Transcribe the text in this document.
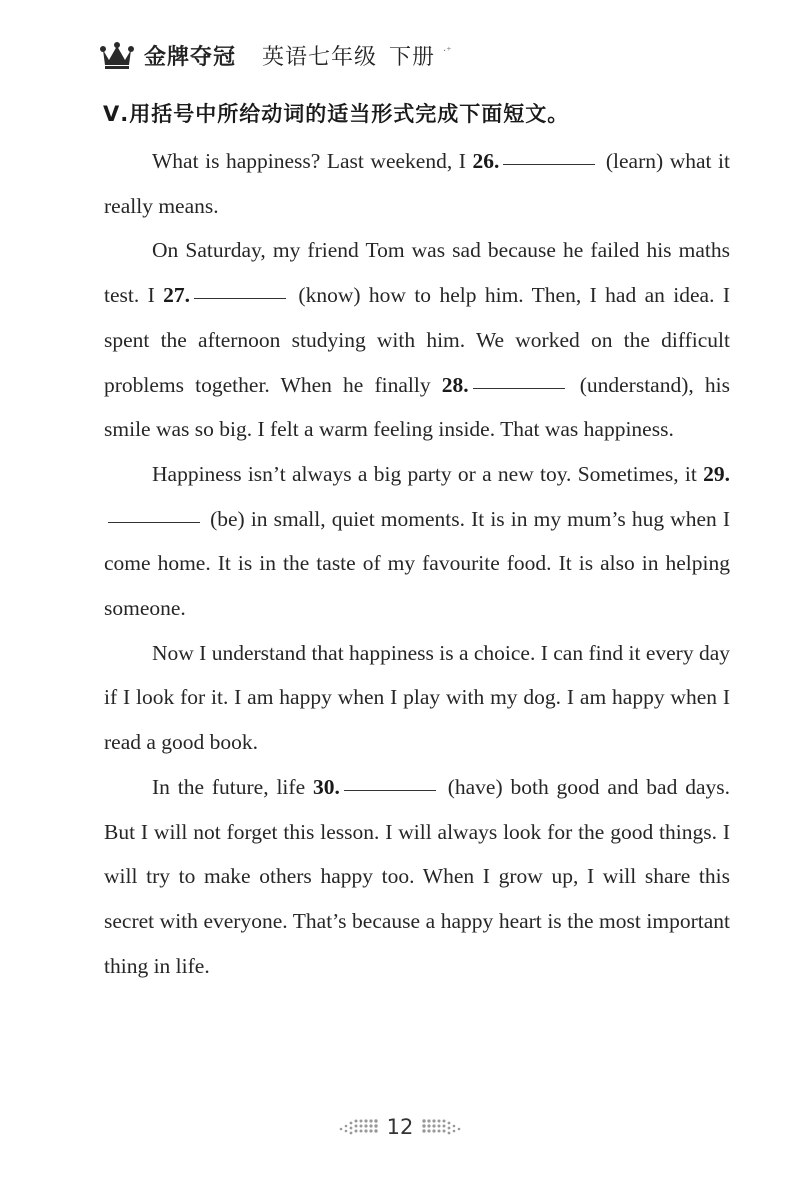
金牌夺冠 英语七年级 下册 ·⁺
Ⅴ.用括号中所给动词的适当形式完成下面短文。

What is happiness? Last weekend, I 26.	(learn) what it really means.

On Saturday, my friend Tom was sad because he failed his maths test. I 27.	(know) how to help him. Then, I had an idea. I spent the afternoon studying with him. We worked on the difficult problems together. When he finally 28.	(understand), his smile was so big. I felt a warm feeling inside. That was happiness.

Happiness isn’t always a big party or a new toy. Sometimes, it 29. (be) in small, quiet moments. It is in my mum’s hug when I come home. It is in the taste of my favourite food. It is also in helping someone.

Now I understand that happiness is a choice. I can find it every day if I look for it. I am happy when I play with my dog. I am happy when I read a good book.

In the future, life 30.	(have) both good and bad days. But I will not forget this lesson. I will always look for the good things. I will try to make others happy too. When I grow up, I will share this secret with everyone. That’s because a happy heart is the most important thing in life.

12
